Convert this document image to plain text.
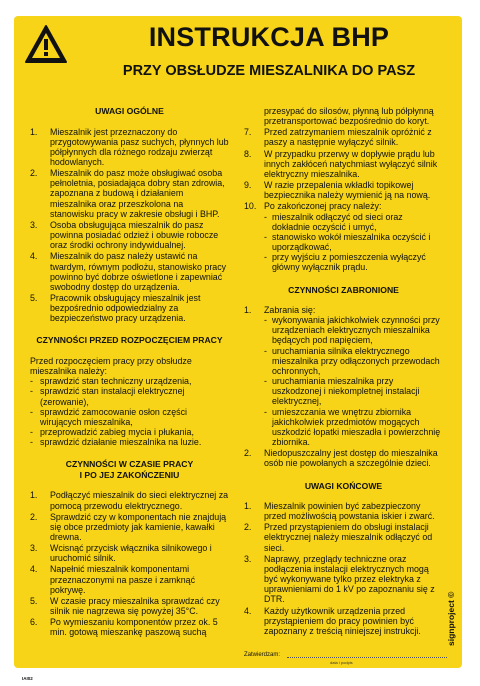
INSTRUKCJA BHP
PRZY OBSŁUDZE MIESZALNIKA DO PASZ
UWAGI OGÓLNE
1. Mieszalnik jest przeznaczony do przygotowywania pasz suchych, płynnych lub półpłynnych dla różnego rodzaju zwierząt hodowlanych.
2. Mieszalnik do pasz może obsługiwać osoba pełnoletnia, posiadająca dobry stan zdrowia, zapoznana z budową i działaniem mieszalnika oraz przeszkolona na stanowisku pracy w zakresie obsługi i BHP.
3. Osoba obsługująca mieszalnik do pasz powinna posiadać odzież i obuwie robocze oraz środki ochrony indywidualnej.
4. Mieszalnik do pasz należy ustawić na twardym, równym podłożu, stanowisko pracy powinno być dobrze oświetlone i zapewniać swobodny dostęp do urządzenia.
5. Pracownik obsługujący mieszalnik jest bezpośrednio odpowiedzialny za bezpieczeństwo pracy urządzenia.
CZYNNOŚCI PRZED ROZPOCZĘCIEM PRACY

Przed rozpoczęciem pracy przy obsłudze mieszalnika należy:

- sprawdzić stan techniczny urządzenia,
- sprawdzić stan instalacji elektrycznej (zerowanie),
- sprawdzić zamocowanie osłon części wirujących mieszalnika,
- przeprowadzić zabieg mycia i płukania,
- sprawdzić działanie mieszalnika na luzie.
CZYNNOŚCI W CZASIE PRACY
I PO JEJ ZAKOŃCZENIU
1. Podłączyć mieszalnik do sieci elektrycznej za pomocą przewodu elektrycznego.
2. Sprawdzić czy w komponentach nie znajdują się obce przedmioty jak kamienie, kawałki drewna.
3. Wcisnąć przycisk włącznika silnikowego i uruchomić silnik.
4. Napełnić mieszalnik komponentami przeznaczonymi na pasze i zamknąć pokrywę.
5. W czasie pracy mieszalnika sprawdzać czy silnik nie nagrzewa się powyżej 35°C.
6. Po wymieszaniu komponentów przez ok. 5 min. gotową mieszankę paszową suchą
przesypać do silosów, płynną lub półpłynną przetransportować bezpośrednio do koryt.
7. Przed zatrzymaniem mieszalnik opróżnić z paszy a następnie wyłączyć silnik.
8. W przypadku przerwy w dopływie prądu lub innych zakłóceń natychmiast wyłączyć silnik elektryczny mieszalnika.
9. W razie przepalenia wkładki topikowej bezpiecznika należy wymienić ją na nową.
10. Po zakończonej pracy należy:
- mieszalnik odłączyć od sieci oraz dokładnie oczyścić i umyć,
- stanowisko wokół mieszalnika oczyścić i uporządkować,
- przy wyjściu z pomieszczenia wyłączyć główny wyłącznik prądu.
CZYNNOŚCI ZABRONIONE
1. Zabrania się:
- wykonywania jakichkolwiek czynności przy urządzeniach elektrycznych mieszalnika będących pod napięciem,
- uruchamiania silnika elektrycznego mieszalnika przy odłączonych przewodach ochronnych,
- uruchamiania mieszalnika przy uszkodzonej i niekompletnej instalacji elektrycznej,
- umieszczania we wnętrzu zbiornika jakichkolwiek przedmiotów mogących uszkodzić łopatki mieszadła i powierzchnię zbiornika.
2. Niedopuszczalny jest dostęp do mieszalnika osób nie powołanych a szczególnie dzieci.
UWAGI KOŃCOWE
1. Mieszalnik powinien być zabezpieczony przed możliwością powstania iskier i zwarć.
2. Przed przystąpieniem do obsługi instalacji elektrycznej należy mieszalnik odłączyć od sieci.
3. Naprawy, przeglądy techniczne oraz podłączenia instalacji elektrycznych mogą być wykonywane tylko przez elektryka z uprawnieniami do 1 kV po zapoznaniu się z DTR.
4. Każdy użytkownik urządzenia przed przystąpieniem do pracy powinien być zapoznany z treścią niniejszej instrukcji.
Zatwierdzam:
data i podpis
signproject ©
IAI02
